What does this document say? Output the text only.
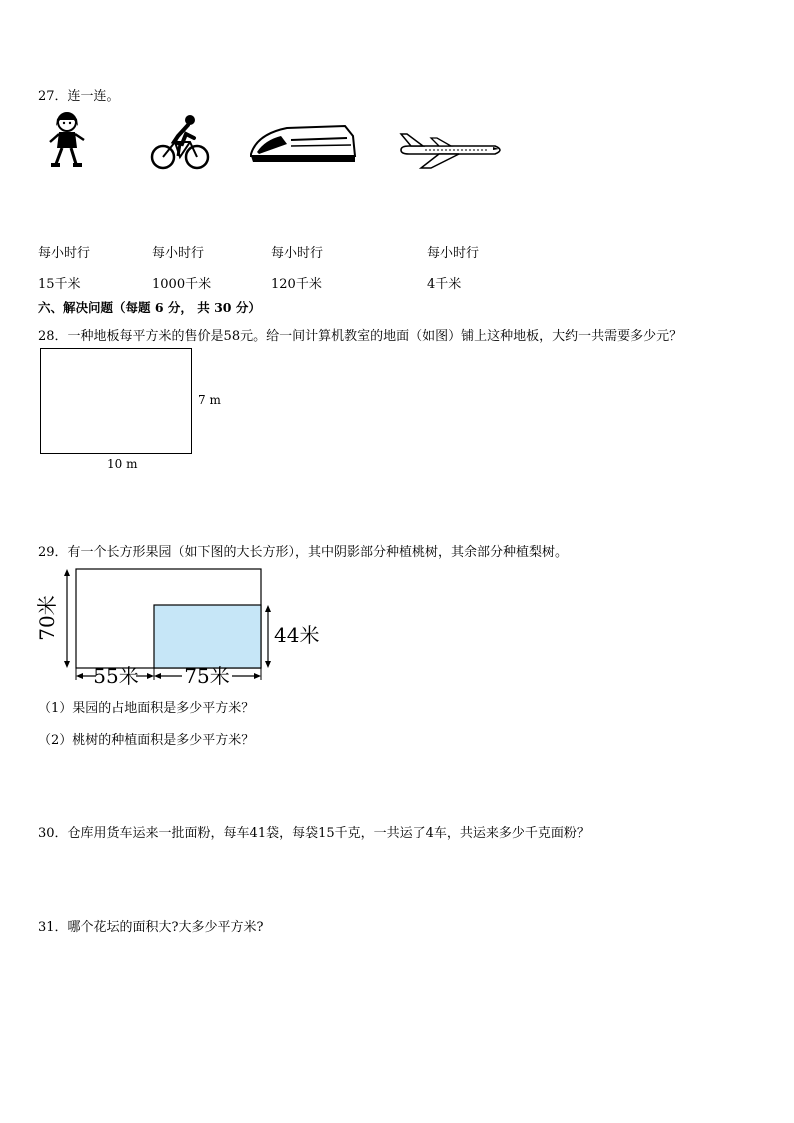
27．连一连。
每小时行	每小时行	每小时行	每小时行
15千米	1000千米	120千米	4千米
六、解决问题（每题 6 分， 共 30 分）
28．一种地板每平方米的售价是58元。给一间计算机教室的地面（如图）铺上这种地板，大约一共需要多少元？
7 m
10 m
29．有一个长方形果园（如下图的大长方形），其中阴影部分种植桃树，其余部分种植梨树。
70米	44米
55米 75米
（1）果园的占地面积是多少平方米？
（2）桃树的种植面积是多少平方米？
30．仓库用货车运来一批面粉，每车41袋，每袋15千克，一共运了4车，共运来多少千克面粉？
31．哪个花坛的面积大?大多少平方米?
